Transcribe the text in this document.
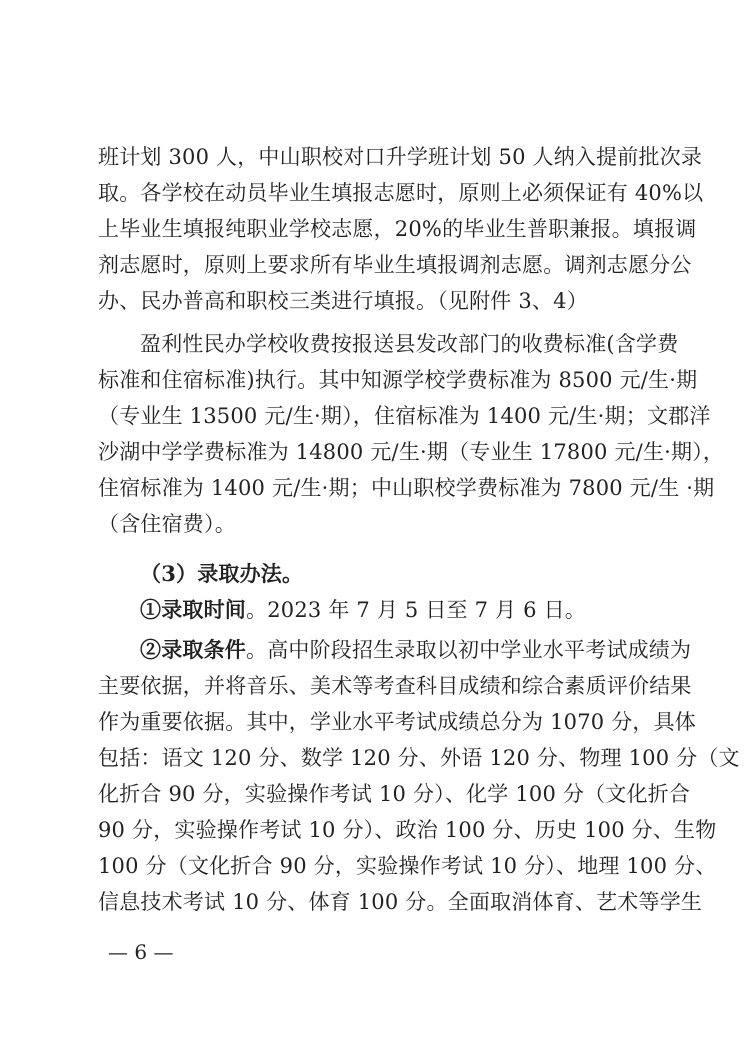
班计划 300 人，中山职校对口升学班计划 50 人纳入提前批次录
取。各学校在动员毕业生填报志愿时，原则上必须保证有 40%以
上毕业生填报纯职业学校志愿，20%的毕业生普职兼报。填报调
剂志愿时，原则上要求所有毕业生填报调剂志愿。调剂志愿分公
办、民办普高和职校三类进行填报。（见附件 3、4）
盈利性民办学校收费按报送县发改部门的收费标准(含学费
标准和住宿标准)执行。其中知源学校学费标准为 8500 元/生·期
（专业生 13500 元/生·期），住宿标准为 1400 元/生·期；文郡洋
沙湖中学学费标准为 14800 元/生·期（专业生 17800 元/生·期），
住宿标准为 1400 元/生·期；中山职校学费标准为 7800 元/生 ·期
（含住宿费）。
（3）录取办法。
①录取时间。2023 年 7 月 5 日至 7 月 6 日。
②录取条件。高中阶段招生录取以初中学业水平考试成绩为
主要依据，并将音乐、美术等考查科目成绩和综合素质评价结果
作为重要依据。其中，学业水平考试成绩总分为 1070 分，具体
包括：语文 120 分、数学 120 分、外语 120 分、物理 100 分（文
化折合 90 分，实验操作考试 10 分）、化学 100 分（文化折合
90 分，实验操作考试 10 分）、政治 100 分、历史 100 分、生物
100 分（文化折合 90 分，实验操作考试 10 分）、地理 100 分、
信息技术考试 10 分、体育 100 分。全面取消体育、艺术等学生
— 6 —
